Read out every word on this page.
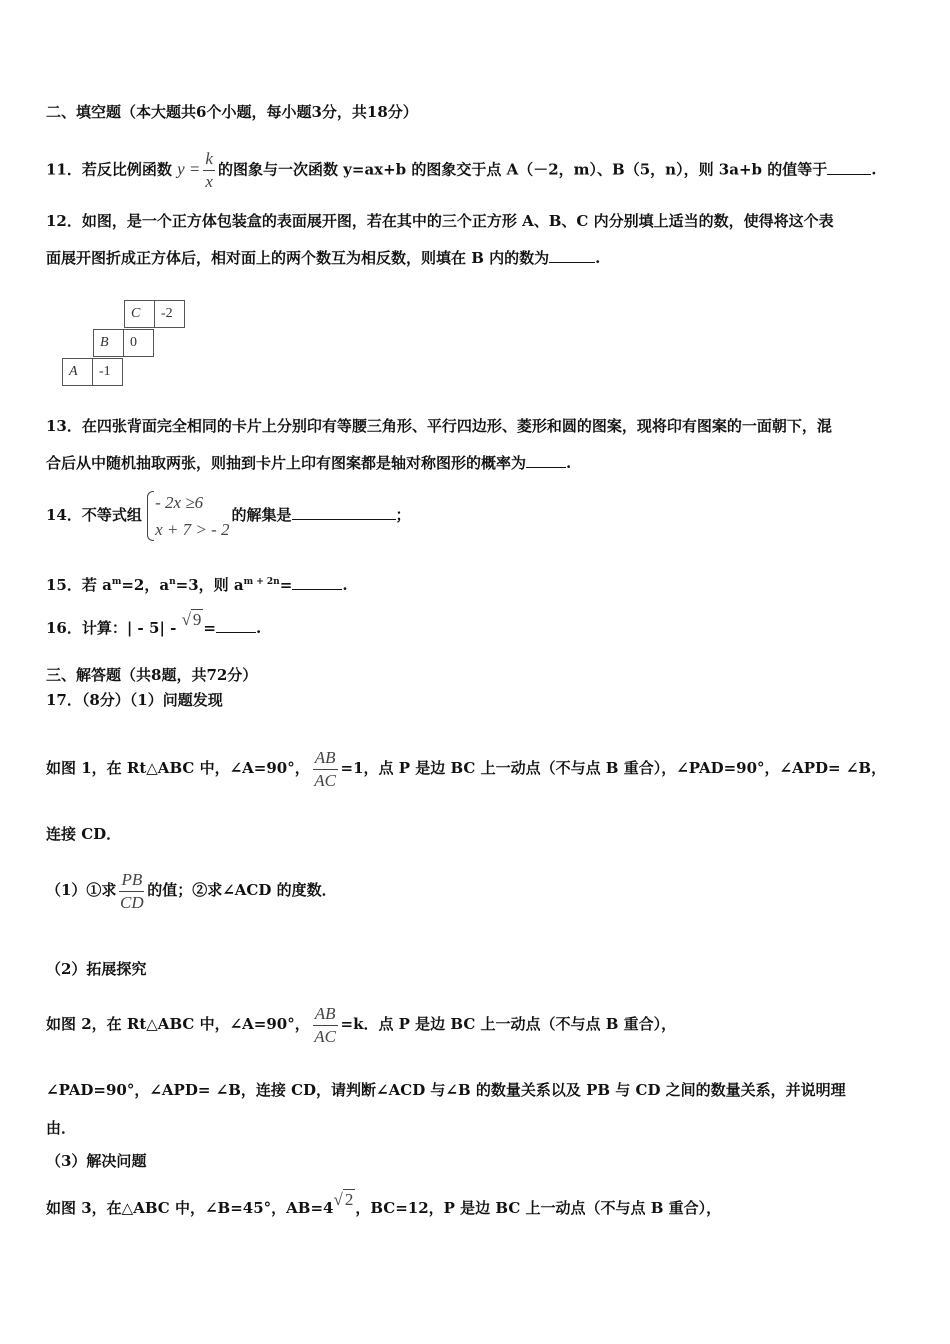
二、填空题（本大题共6个小题，每小题3分，共18分）
11．若反比例函数 $y = \frac{k}{x}$ 的图象与一次函数 y=ax+b 的图象交于点 A（－2，m）、B（5，n），则 3a+b 的值等于	.
12．如图，是一个正方体包装盒的表面展开图，若在其中的三个正方形 A、B、C 内分别填上适当的数，使得将这个表
面展开图折成正方体后，相对面上的两个数互为相反数，则填在 B 内的数为	.
C	-2
B	0
A	-1
13．在四张背面完全相同的卡片上分别印有等腰三角形、平行四边形、菱形和圆的图案，现将印有图案的一面朝下，混
合后从中随机抽取两张，则抽到卡片上印有图案都是轴对称图形的概率为	.
14．不等式组
- 2x ≥6
x + 7 > - 2
的解集是	；
15．若 $a^m=2$，$a^n=3$，则 $a^{m + 2n}=$	.
16．计算：| - 5| - √ 9 =	.
三、解答题（共8题，共72分）
17．（8分）（1）问题发现
如图 1，在 Rt△ABC 中，∠A=90°， $\frac{AB}{AC} =1$，点 P 是边 BC 上一动点（不与点 B 重合），∠PAD=90°，∠APD= ∠B，
连接 CD．
（1）①求 $\frac{PB}{CD}$ 的值；②求∠ACD 的度数．
（2）拓展探究
如图 2，在 Rt△ABC 中，∠A=90°， $\frac{AB}{AC} =k$．点 P 是边 BC 上一动点（不与点 B 重合），
∠PAD=90°，∠APD= ∠B，连接 CD，请判断∠ACD 与∠B 的数量关系以及 PB 与 CD 之间的数量关系，并说明理
由．
（3）解决问题
如图 3，在△ABC 中，∠B=45°，AB=4√ 2 ，BC=12，P 是边 BC 上一动点（不与点 B 重合），
